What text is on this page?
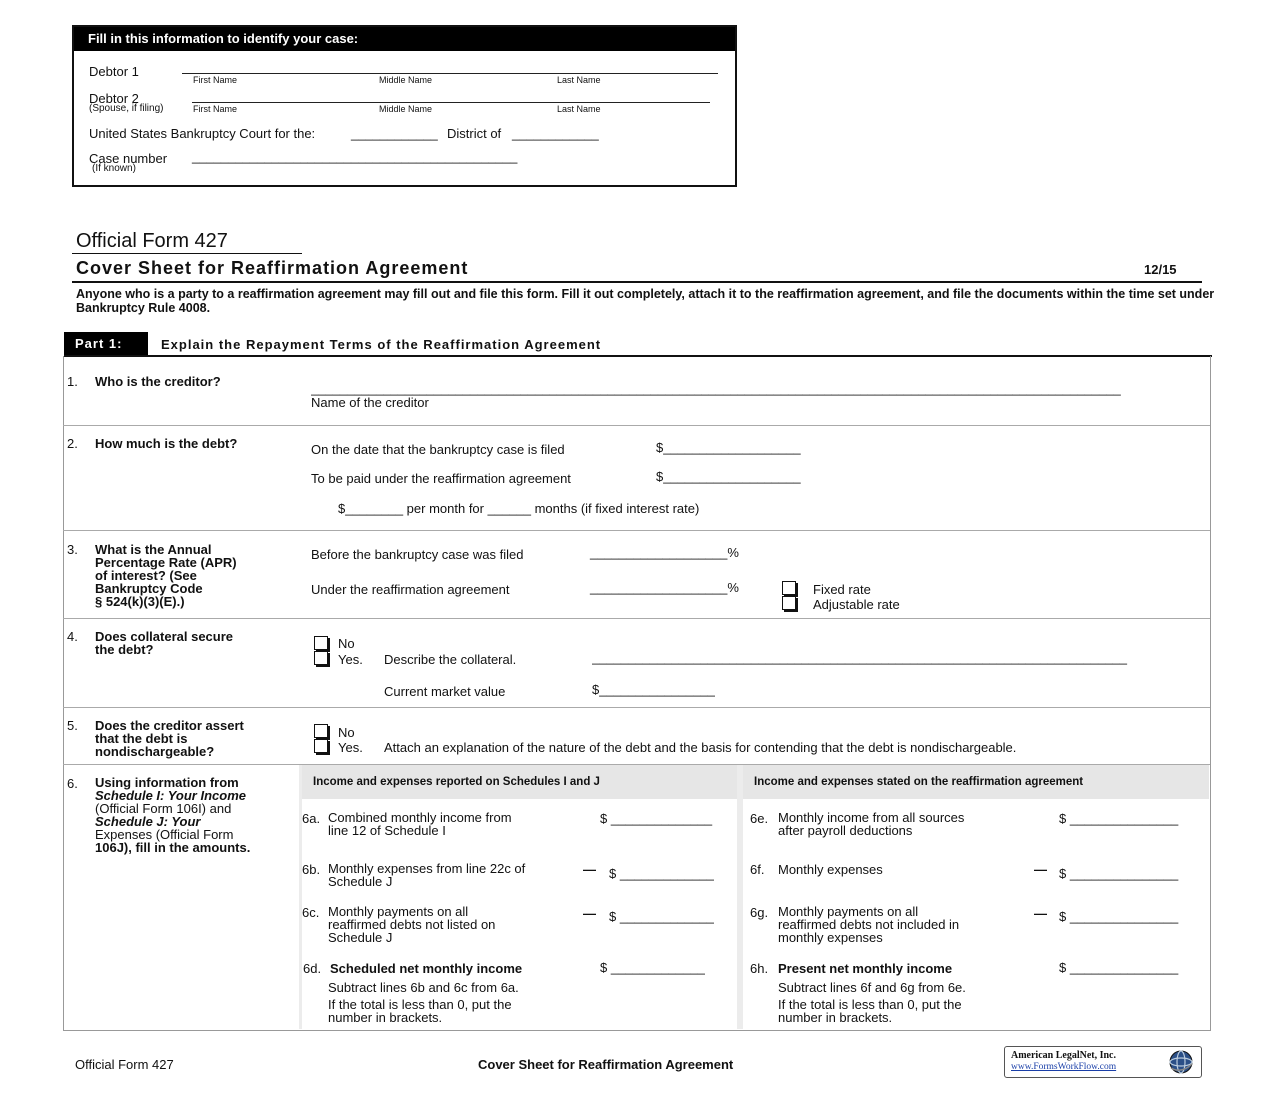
Fill in this information to identify your case:
Debtor 1
First Name	Middle Name	Last Name
Debtor 2
(Spouse, if filing)	First Name	Middle Name	Last Name
United States Bankruptcy Court for the:	____________ District of ____________
Case number
(If known)
_____________________________________________
Official Form 427
Cover Sheet for Reaffirmation Agreement	12/15
Anyone who is a party to a reaffirmation agreement may fill out and file this form. Fill it out completely, attach it to the reaffirmation agreement, and file the documents within the time set under Bankruptcy Rule 4008.
Part 1:	Explain the Repayment Terms of the Reaffirmation Agreement
1. Who is the creditor?	________________________________________________________________________________________________________________
Name of the creditor
2. How much is the debt?	On the date that the bankruptcy case is filed	$___________________
To be paid under the reaffirmation agreement	$___________________
$________ per month for ______ months (if fixed interest rate)
3. What is the Annual
Percentage Rate (APR)
of interest? (See
Bankruptcy Code
§ 524(k)(3)(E).)
Before the bankruptcy case was filed	___________________%
Under the reaffirmation agreement	___________________%	Fixed rate
Adjustable rate
4. Does collateral secure
the debt?	No
Yes. Describe the collateral.	__________________________________________________________________________
Current market value	$________________
5. Does the creditor assert
that the debt is
nondischargeable?
No
Yes. Attach an explanation of the nature of the debt and the basis for contending that the debt is nondischargeable.
Income and expenses reported on Schedules I and J	Income and expenses stated on the reaffirmation agreement
6. Using information from
Schedule I: Your Income
(Official Form 106I) and
Schedule J: Your
Expenses (Official Form
106J), fill in the amounts.
6a. Combined monthly income from
line 12 of Schedule I
$ ______________
6b. Monthly expenses from line 22c of
Schedule J
— $ _____________
6c. Monthly payments on all
reaffirmed debts not listed on
Schedule J
— $ _____________
6d. Scheduled net monthly income	$ _____________
Subtract lines 6b and 6c from 6a.
If the total is less than 0, put the
number in brackets.
6e. Monthly income from all sources
after payroll deductions
$ _______________
6f. Monthly expenses	— $ _______________
6g. Monthly payments on all
reaffirmed debts not included in
monthly expenses
— $ _______________
6h. Present net monthly income	$ _______________
Subtract lines 6f and 6g from 6e.
If the total is less than 0, put the
number in brackets.
Official Form 427	Cover Sheet for Reaffirmation Agreement
American LegalNet, Inc.
www.FormsWorkFlow.com
